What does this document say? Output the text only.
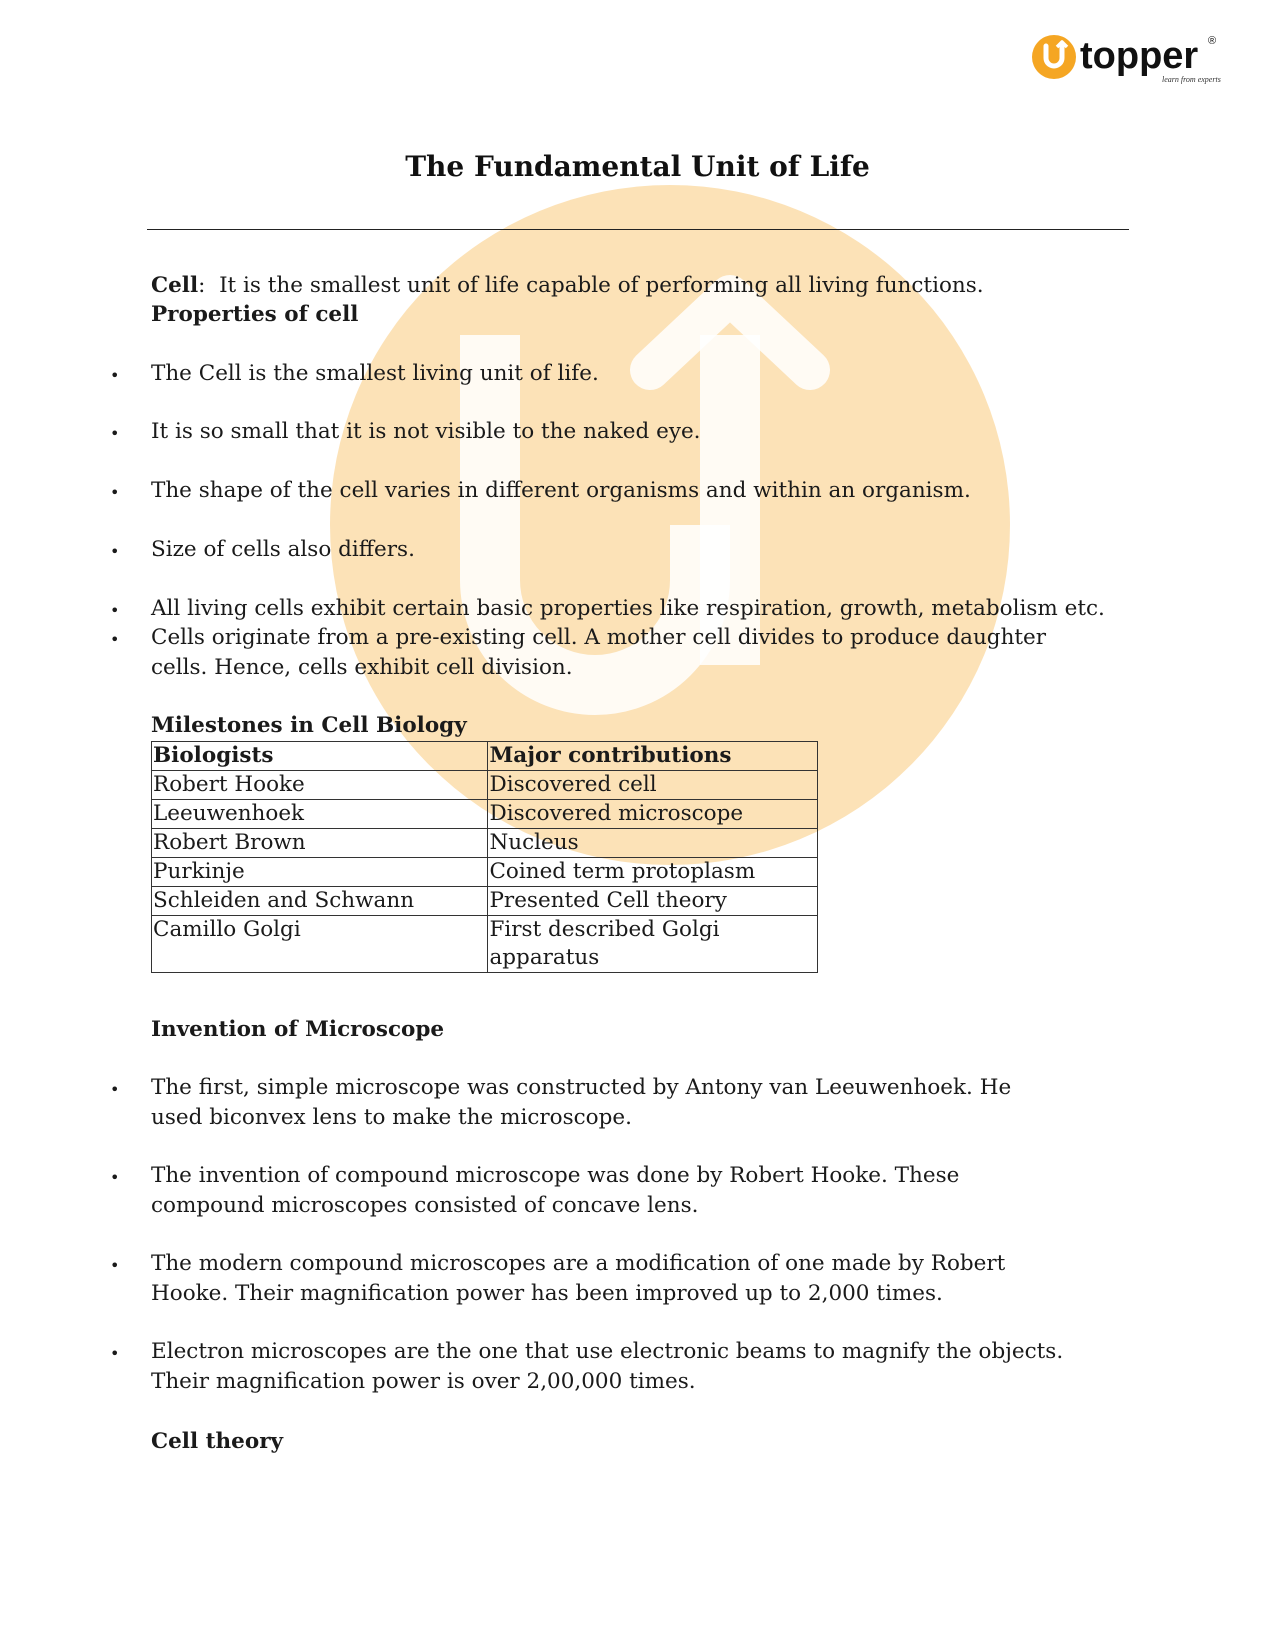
topper ®
learn from experts
The Fundamental Unit of Life
Cell: It is the smallest unit of life capable of performing all living functions.
Properties of cell
• The Cell is the smallest living unit of life.
• It is so small that it is not visible to the naked eye.
• The shape of the cell varies in different organisms and within an organism.
• Size of cells also differs.
• All living cells exhibit certain basic properties like respiration, growth, metabolism etc.
• Cells originate from a pre-existing cell. A mother cell divides to produce daughter cells. Hence, cells exhibit cell division.
Milestones in Cell Biology
Biologists	Major contributions
Robert Hooke	Discovered cell
Leeuwenhoek	Discovered microscope
Robert Brown	Nucleus
Purkinje	Coined term protoplasm
Schleiden and Schwann	Presented Cell theory
Camillo Golgi	First described Golgi apparatus
Invention of Microscope
• The first, simple microscope was constructed by Antony van Leeuwenhoek. He used biconvex lens to make the microscope.
• The invention of compound microscope was done by Robert Hooke. These compound microscopes consisted of concave lens.
• The modern compound microscopes are a modification of one made by Robert Hooke. Their magnification power has been improved up to 2,000 times.
• Electron microscopes are the one that use electronic beams to magnify the objects. Their magnification power is over 2,00,000 times.
Cell theory
